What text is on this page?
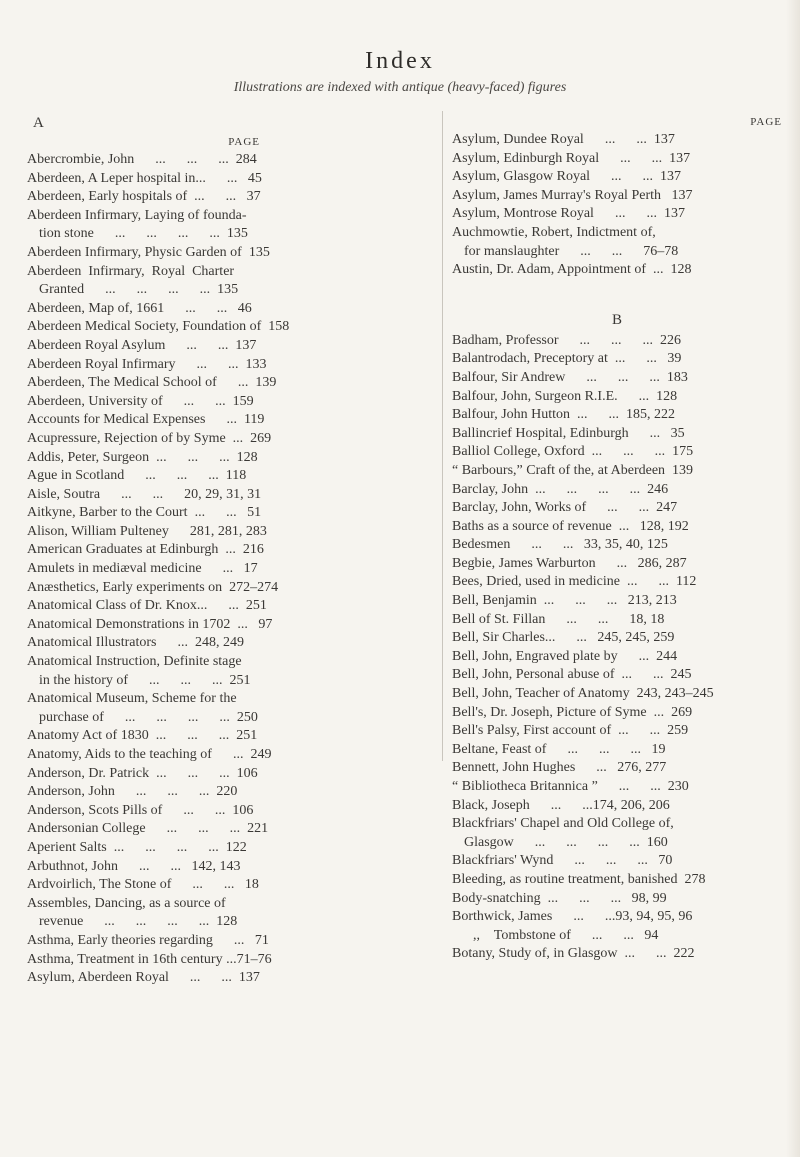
Index
Illustrations are indexed with antique (heavy-faced) figures
A
PAGE
Abercrombie, John      ...      ...      ...  284
Aberdeen, A Leper hospital in...      ...   45
Aberdeen, Early hospitals of  ...      ...   37
Aberdeen Infirmary, Laying of founda-
tion stone      ...      ...      ...      ...  135
Aberdeen Infirmary, Physic Garden of  135
Aberdeen  Infirmary,  Royal  Charter
Granted      ...      ...      ...      ...  135
Aberdeen, Map of, 1661      ...      ...   46
Aberdeen Medical Society, Foundation of  158
Aberdeen Royal Asylum      ...      ...  137
Aberdeen Royal Infirmary      ...      ...  133
Aberdeen, The Medical School of      ...  139
Aberdeen, University of      ...      ...  159
Accounts for Medical Expenses      ...  119
Acupressure, Rejection of by Syme  ...  269
Addis, Peter, Surgeon  ...      ...      ...  128
Ague in Scotland      ...      ...      ...  118
Aisle, Soutra      ...      ...      20, 29, 31, 31
Aitkyne, Barber to the Court  ...      ...   51
Alison, William Pulteney      281, 281, 283
American Graduates at Edinburgh  ...  216
Amulets in mediæval medicine      ...   17
Anæsthetics, Early experiments on  272–274
Anatomical Class of Dr. Knox...      ...  251
Anatomical Demonstrations in 1702  ...   97
Anatomical Illustrators      ...  248, 249
Anatomical Instruction, Definite stage
in the history of      ...      ...      ...  251
Anatomical Museum, Scheme for the
purchase of      ...      ...      ...      ...  250
Anatomy Act of 1830  ...      ...      ...  251
Anatomy, Aids to the teaching of      ...  249
Anderson, Dr. Patrick  ...      ...      ...  106
Anderson, John      ...      ...      ...  220
Anderson, Scots Pills of      ...      ...  106
Andersonian College      ...      ...      ...  221
Aperient Salts  ...      ...      ...      ...  122
Arbuthnot, John      ...      ...   142, 143
Ardvoirlich, The Stone of      ...      ...   18
Assembles, Dancing, as a source of
revenue      ...      ...      ...      ...  128
Asthma, Early theories regarding      ...   71
Asthma, Treatment in 16th century ...71–76
Asylum, Aberdeen Royal      ...      ...  137
PAGE
Asylum, Dundee Royal      ...      ...  137
Asylum, Edinburgh Royal      ...      ...  137
Asylum, Glasgow Royal      ...      ...  137
Asylum, James Murray's Royal Perth   137
Asylum, Montrose Royal      ...      ...  137
Auchmowtie, Robert, Indictment of,
for manslaughter      ...      ...      76–78
Austin, Dr. Adam, Appointment of  ...  128
B
Badham, Professor      ...      ...      ...  226
Balantrodach, Preceptory at  ...      ...   39
Balfour, Sir Andrew      ...      ...      ...  183
Balfour, John, Surgeon R.I.E.      ...  128
Balfour, John Hutton  ...      ...  185, 222
Ballincrief Hospital, Edinburgh      ...   35
Balliol College, Oxford  ...      ...      ...  175
“ Barbours,” Craft of the, at Aberdeen  139
Barclay, John  ...      ...      ...      ...  246
Barclay, John, Works of      ...      ...  247
Baths as a source of revenue  ...   128, 192
Bedesmen      ...      ...   33, 35, 40, 125
Begbie, James Warburton      ...   286, 287
Bees, Dried, used in medicine  ...      ...  112
Bell, Benjamin  ...      ...      ...   213, 213
Bell of St. Fillan      ...      ...      18, 18
Bell, Sir Charles...      ...   245, 245, 259
Bell, John, Engraved plate by      ...  244
Bell, John, Personal abuse of  ...      ...  245
Bell, John, Teacher of Anatomy  243, 243–245
Bell's, Dr. Joseph, Picture of Syme  ...  269
Bell's Palsy, First account of  ...      ...  259
Beltane, Feast of      ...      ...      ...   19
Bennett, John Hughes      ...   276, 277
“ Bibliotheca Britannica ”      ...      ...  230
Black, Joseph      ...      ...174, 206, 206
Blackfriars' Chapel and Old College of,
Glasgow      ...      ...      ...      ...  160
Blackfriars' Wynd      ...      ...      ...   70
Bleeding, as routine treatment, banished  278
Body-snatching  ...      ...      ...   98, 99
Borthwick, James      ...      ...93, 94, 95, 96
,,    Tombstone of      ...      ...   94
Botany, Study of, in Glasgow  ...      ...  222
